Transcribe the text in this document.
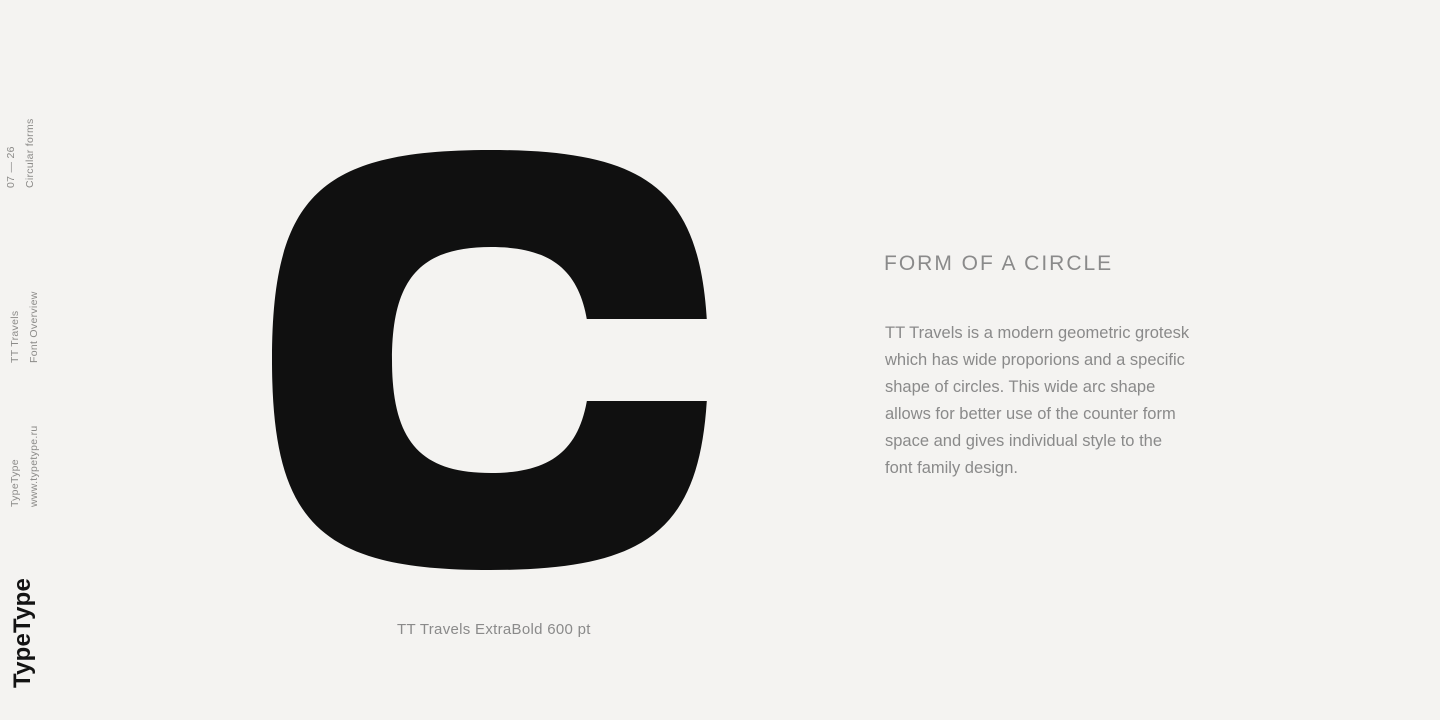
07 — 26 Circular forms
TT Travels Font Overview
TypeType www.typetype.ru
TypeType	TT Travels ExtraBold 600 pt
FORM OF A CIRCLE
TT Travels is a modern geometric grotesk
which has wide proporions and a specific
shape of circles. This wide arc shape
allows for better use of the counter form
space and gives individual style to the
font family design.
